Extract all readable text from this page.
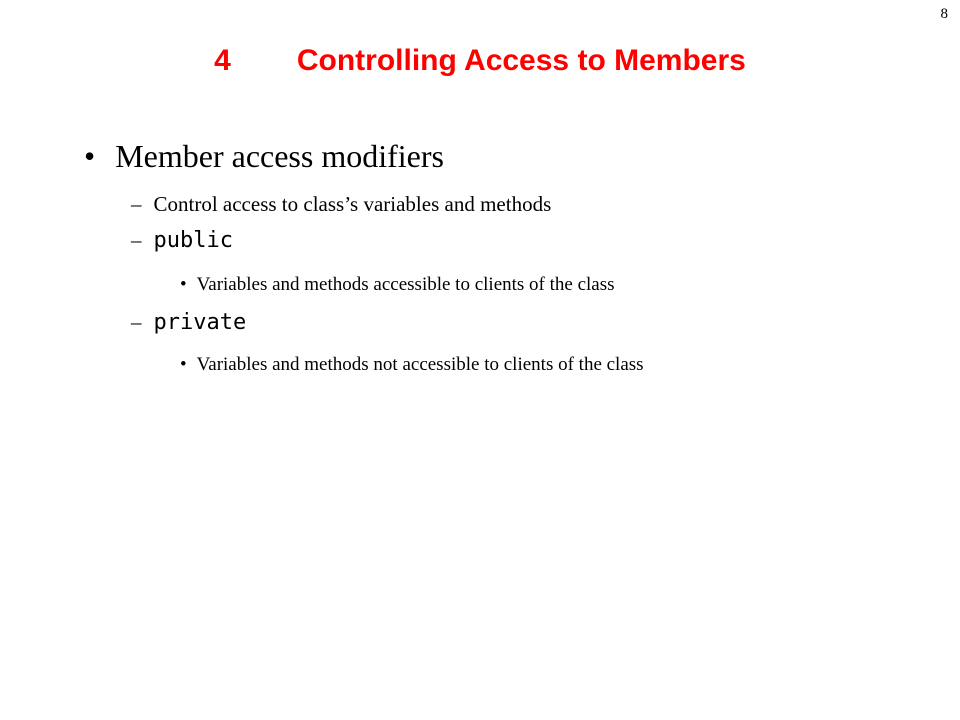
8
4 Controlling Access to Members
• Member access modifiers
– Control access to class’s variables and methods
– public
• Variables and methods accessible to clients of the class
– private
• Variables and methods not accessible to clients of the class
